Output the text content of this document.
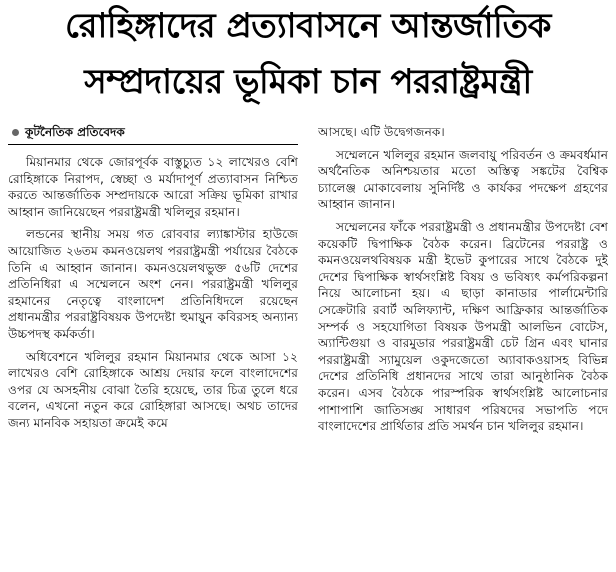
রোহিঙ্গাদের প্রত্যাবাসনে আন্তর্জাতিক
সম্প্রদায়ের ভূমিকা চান পররাষ্ট্রমন্ত্রী
কূটনৈতিক প্রতিবেদক

মিয়ানমার থেকে জোরপূর্বক বাস্তুচ্যুত ১২ লাখেরও বেশি রোহিঙ্গাকে নিরাপদ, স্বেচ্ছা ও মর্যাদাপূর্ণ প্রত্যাবাসন নিশ্চিত করতে আন্তর্জাতিক সম্প্রদায়কে আরো সক্রিয় ভূমিকা রাখার আহ্বান জানিয়েছেন পররাষ্ট্রমন্ত্রী খলিলুর রহমান।

লন্ডনের স্থানীয় সময় গত রোববার ল্যাঙ্কাস্টার হাউজে আয়োজিত ২৬তম কমনওয়েলথ পররাষ্ট্রমন্ত্রী পর্যায়ের বৈঠকে তিনি এ আহ্বান জানান। কমনওয়েলথভুক্ত ৫৬টি দেশের প্রতিনিধিরা এ সম্মেলনে অংশ নেন। পররাষ্ট্রমন্ত্রী খলিলুর রহমানের নেতৃত্বে বাংলাদেশ প্রতিনিধিদলে রয়েছেন প্রধানমন্ত্রীর পররাষ্ট্রবিষয়ক উপদেষ্টা হুমায়ুন কবিরসহ অন্যান্য উচ্চপদস্থ কর্মকর্তা।

অধিবেশনে খলিলুর রহমান মিয়ানমার থেকে আসা ১২ লাখেরও বেশি রোহিঙ্গাকে আশ্রয় দেয়ার ফলে বাংলাদেশের ওপর যে অসহনীয় বোঝা তৈরি হয়েছে, তার চিত্র তুলে ধরে বলেন, এখনো নতুন করে রোহিঙ্গারা আসছে। অথচ তাদের জন্য মানবিক সহায়তা ক্রমেই কমে

আসছে। এটি উদ্বেগজনক।

সম্মেলনে খলিলুর রহমান জলবায়ু পরিবর্তন ও ক্রমবর্ধমান অর্থনৈতিক অনিশ্চয়তার মতো অস্তিত্ব সঙ্কটের বৈশ্বিক চ্যালেঞ্জ মোকাবেলায় সুনির্দিষ্ট ও কার্যকর পদক্ষেপ গ্রহণের আহ্বান জানান।

সম্মেলনের ফাঁকে পররাষ্ট্রমন্ত্রী ও প্রধানমন্ত্রীর উপদেষ্টা বেশ কয়েকটি দ্বিপাক্ষিক বৈঠক করেন। ব্রিটেনের পররাষ্ট্র ও কমনওয়েলথবিষয়ক মন্ত্রী ইভেট কুপারের সাথে বৈঠকে দুই দেশের দ্বিপাক্ষিক স্বার্থসংশ্লিষ্ট বিষয় ও ভবিষ্যৎ কর্মপরিকল্পনা নিয়ে আলোচনা হয়। এ ছাড়া কানাডার পার্লামেন্টারি সেক্রেটারি রবার্ট অলিফ্যান্ট, দক্ষিণ আফ্রিকার আন্তর্জাতিক সম্পর্ক ও সহযোগিতা বিষয়ক উপমন্ত্রী আলভিন বোটেস, অ্যান্টিগুয়া ও বারমুডার পররাষ্ট্রমন্ত্রী চেট গ্রিন এবং ঘানার পররাষ্ট্রমন্ত্রী স্যামুয়েল ওকুদজেতো অ্যাবাকওয়াসহ বিভিন্ন দেশের প্রতিনিধি প্রধানদের সাথে তারা আনুষ্ঠানিক বৈঠক করেন। এসব বৈঠকে পারস্পরিক স্বার্থসংশ্লিষ্ট আলোচনার পাশাপাশি জাতিসঙ্ঘ সাধারণ পরিষদের সভাপতি পদে বাংলাদেশের প্রার্থিতার প্রতি সমর্থন চান খলিলুর রহমান।
